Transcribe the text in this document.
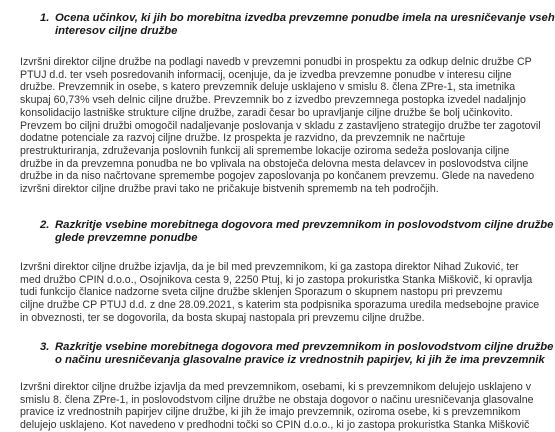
1. Ocena učinkov, ki jih bo morebitna izvedba prevzemne ponudbe imela na uresničevanje vseh
interesov ciljne družbe
Izvršni direktor ciljne družbe na podlagi navedb v prevzemni ponudbi in prospektu za odkup delnic družbe CP
PTUJ d.d. ter vseh posredovanih informacij, ocenjuje, da je izvedba prevzemne ponudbe v interesu ciljne
družbe. Prevzemnik in osebe, s katero prevzemnik deluje usklajeno v smislu 8. člena ZPre-1, sta imetnika
skupaj 60,73% vseh delnic ciljne družbe. Prevzemnik bo z izvedbo prevzemnega postopka izvedel nadaljnjo
konsolidacijo lastniške strukture ciljne družbe, zaradi česar bo upravljanje ciljne družbe še bolj učinkovito.
Prevzem bo ciljni družbi omogočil nadaljevanje poslovanja v skladu z zastavljeno strategijo družbe ter zagotovil
dodatne potenciale za razvoj ciljne družbe. Iz prospekta je razvidno, da prevzemnik ne načrtuje
prestrukturiranja, združevanja poslovnih funkcij ali spremembe lokacije oziroma sedeža poslovanja ciljne
družbe in da prevzemna ponudba ne bo vplivala na obstoječa delovna mesta delavcev in poslovodstva ciljne
družbe in da niso načrtovane spremembe pogojev zaposlovanja po končanem prevzemu. Glede na navedeno
izvršni direktor ciljne družbe pravi tako ne pričakuje bistvenih sprememb na teh področjih.
2. Razkritje vsebine morebitnega dogovora med prevzemnikom in poslovodstvom ciljne družbe
glede prevzemne ponudbe
Izvršni direktor ciljne družbe izjavlja, da je bil med prevzemnikom, ki ga zastopa direktor Nihad Zuković, ter
med družbo CPIN d.o.o., Osojnikova cesta 9, 2250 Ptuj, ki jo zastopa prokuristka Stanka Miškovič, ki opravlja
tudi funkcijo članice nadzorne sveta ciljne družbe sklenjen Sporazum o skupnem nastopu pri prevzemu
ciljne družbe CP PTUJ d.d. z dne 28.09.2021, s katerim sta podpisnika sporazuma uredila medsebojne pravice
in obveznosti, ter se dogovorila, da bosta skupaj nastopala pri prevzemu ciljne družbe.
3. Razkritje vsebine morebitnega dogovora med prevzemnikom in poslovodstvom ciljne družbe
o načinu uresničevanja glasovalne pravice iz vrednostnih papirjev, ki jih že ima prevzemnik
Izvršni direktor ciljne družbe izjavlja da med prevzemnikom, osebami, ki s prevzemnikom delujejo usklajeno v
smislu 8. člena ZPre-1, in poslovodstvom ciljne družbe ne obstaja dogovor o načinu uresničevanja glasovalne
pravice iz vrednostnih papirjev ciljne družbe, ki jih že imajo prevzemnik, oziroma osebe, ki s prevzemnikom
delujejo usklajeno. Kot navedeno v predhodni točki so CPIN d.o.o., ki jo zastopa prokuristka Stanka Miškovič
